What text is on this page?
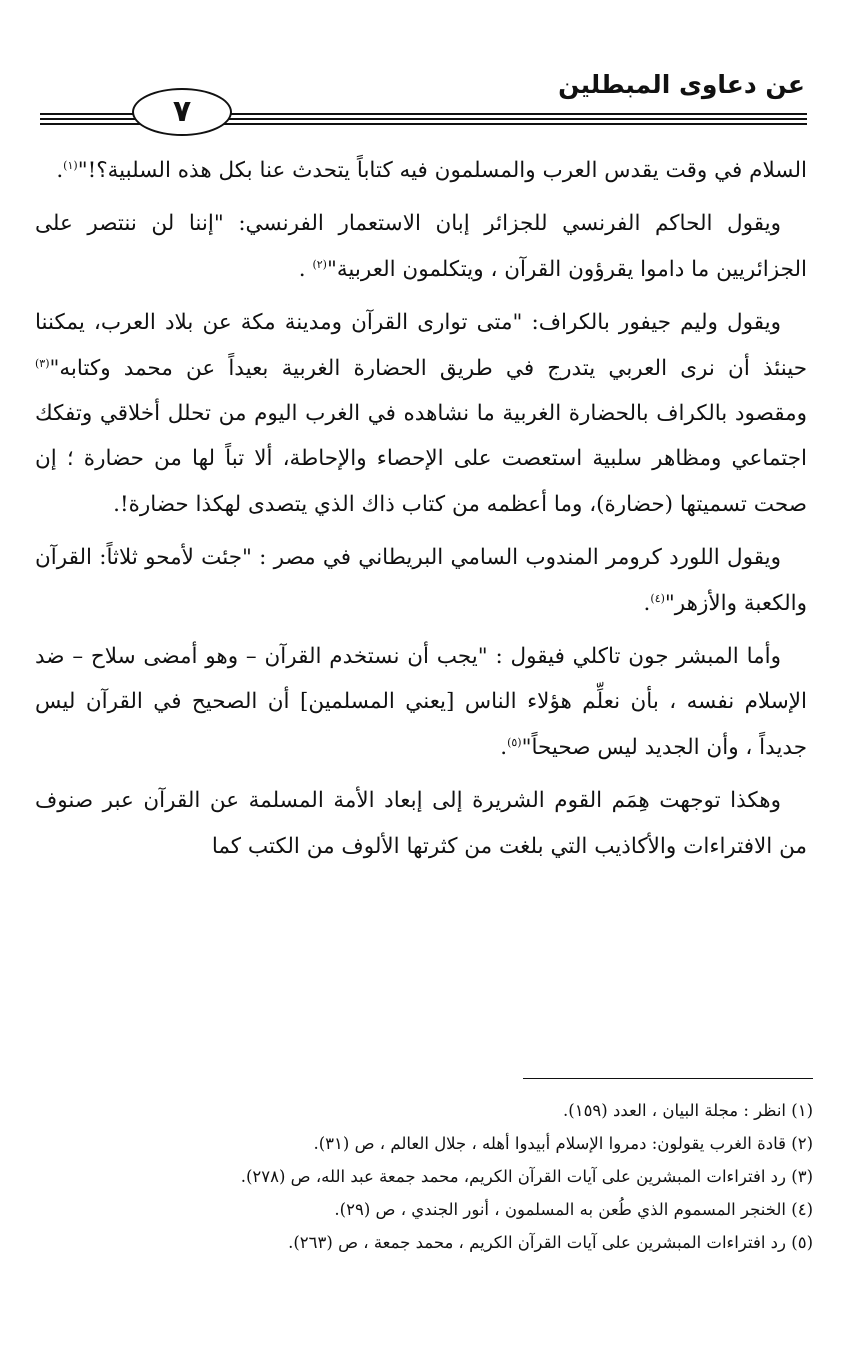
عن دعاوى المبطلين
٧

السلام في وقت يقدس العرب والمسلمون فيه كتاباً يتحدث عنا بكل هذه السلبية؟!"$^{(١)}$.

ويقول الحاكم الفرنسي للجزائر إبان الاستعمار الفرنسي: "إننا لن ننتصر على الجزائريين ما داموا يقرؤون القرآن ، ويتكلمون العربية"$^{(٢)}$ .

ويقول وليم جيفور بالكراف: "متى توارى القرآن ومدينة مكة عن بلاد العرب، يمكننا حينئذ أن نرى العربي يتدرج في طريق الحضارة الغربية بعيداً عن محمد وكتابه"$^{(٣)}$ ومقصود بالكراف بالحضارة الغربية ما نشاهده في الغرب اليوم من تحلل أخلاقي وتفكك اجتماعي ومظاهر سلبية استعصت على الإحصاء والإحاطة، ألا تباً لها من حضارة ؛ إن صحت تسميتها (حضارة)، وما أعظمه من كتاب ذاك الذي يتصدى لهكذا حضارة!.

ويقول اللورد كرومر المندوب السامي البريطاني في مصر : "جئت لأمحو ثلاثاً: القرآن والكعبة والأزهر"$^{(٤)}$.

وأما المبشر جون تاكلي فيقول : "يجب أن نستخدم القرآن – وهو أمضى سلاح – ضد الإسلام نفسه ، بأن نعلِّم هؤلاء الناس [يعني المسلمين] أن الصحيح في القرآن ليس جديداً ، وأن الجديد ليس صحيحاً"$^{(٥)}$.

وهكذا توجهت هِمَم القوم الشريرة إلى إبعاد الأمة المسلمة عن القرآن عبر صنوف من الافتراءات والأكاذيب التي بلغت من كثرتها الألوف من الكتب كما

(١) انظر : مجلة البيان ، العدد (١٥٩).
(٢) قادة الغرب يقولون: دمروا الإسلام أبيدوا أهله ، جلال العالم ، ص (٣١).
(٣) رد افتراءات المبشرين على آيات القرآن الكريم، محمد جمعة عبد الله، ص (٢٧٨).
(٤) الخنجر المسموم الذي طُعن به المسلمون ، أنور الجندي ، ص (٢٩).
(٥) رد افتراءات المبشرين على آيات القرآن الكريم ، محمد جمعة ، ص (٢٦٣).
